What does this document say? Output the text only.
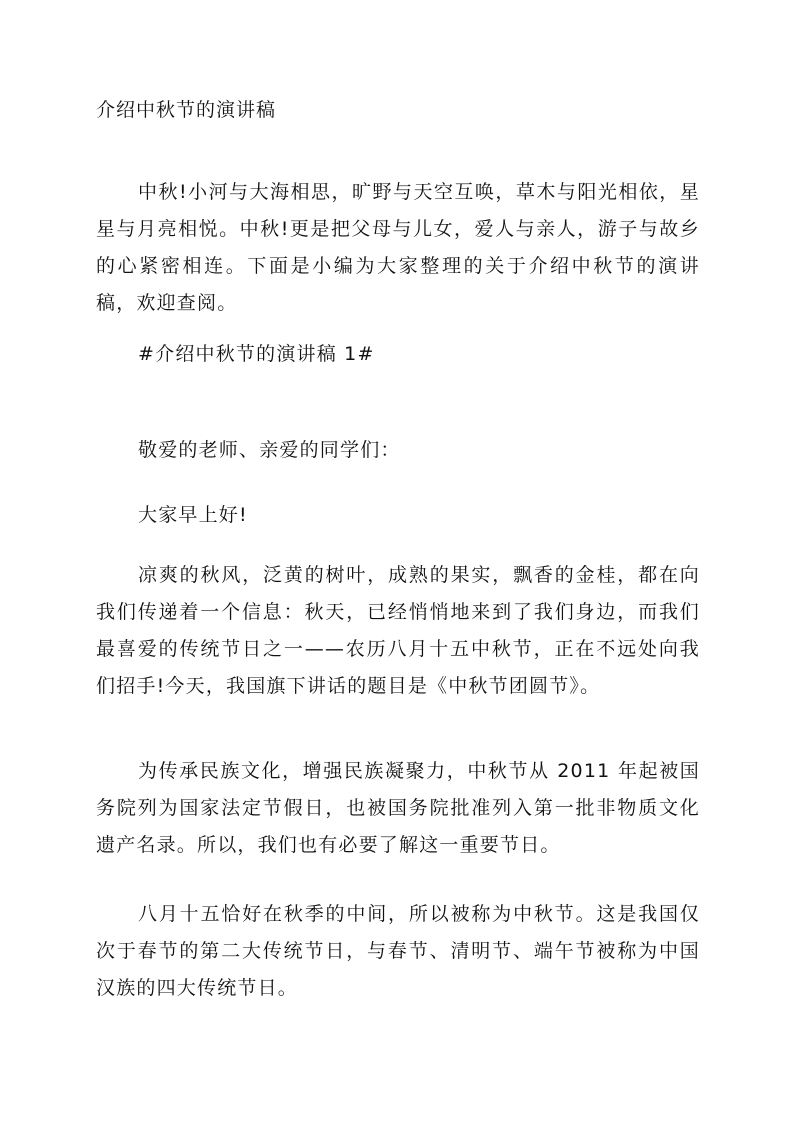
介绍中秋节的演讲稿

中秋!小河与大海相思，旷野与天空互唤，草木与阳光相依，星星与月亮相悦。中秋!更是把父母与儿女，爱人与亲人，游子与故乡的心紧密相连。下面是小编为大家整理的关于介绍中秋节的演讲稿，欢迎查阅。

#介绍中秋节的演讲稿 1#

敬爱的老师、亲爱的同学们：

大家早上好!

凉爽的秋风，泛黄的树叶，成熟的果实，飘香的金桂，都在向我们传递着一个信息：秋天，已经悄悄地来到了我们身边，而我们最喜爱的传统节日之一——农历八月十五中秋节，正在不远处向我们招手!今天，我国旗下讲话的题目是《中秋节团圆节》。

为传承民族文化，增强民族凝聚力，中秋节从 2011 年起被国务院列为国家法定节假日，也被国务院批准列入第一批非物质文化遗产名录。所以，我们也有必要了解这一重要节日。

八月十五恰好在秋季的中间，所以被称为中秋节。这是我国仅次于春节的第二大传统节日，与春节、清明节、端午节被称为中国汉族的四大传统节日。
